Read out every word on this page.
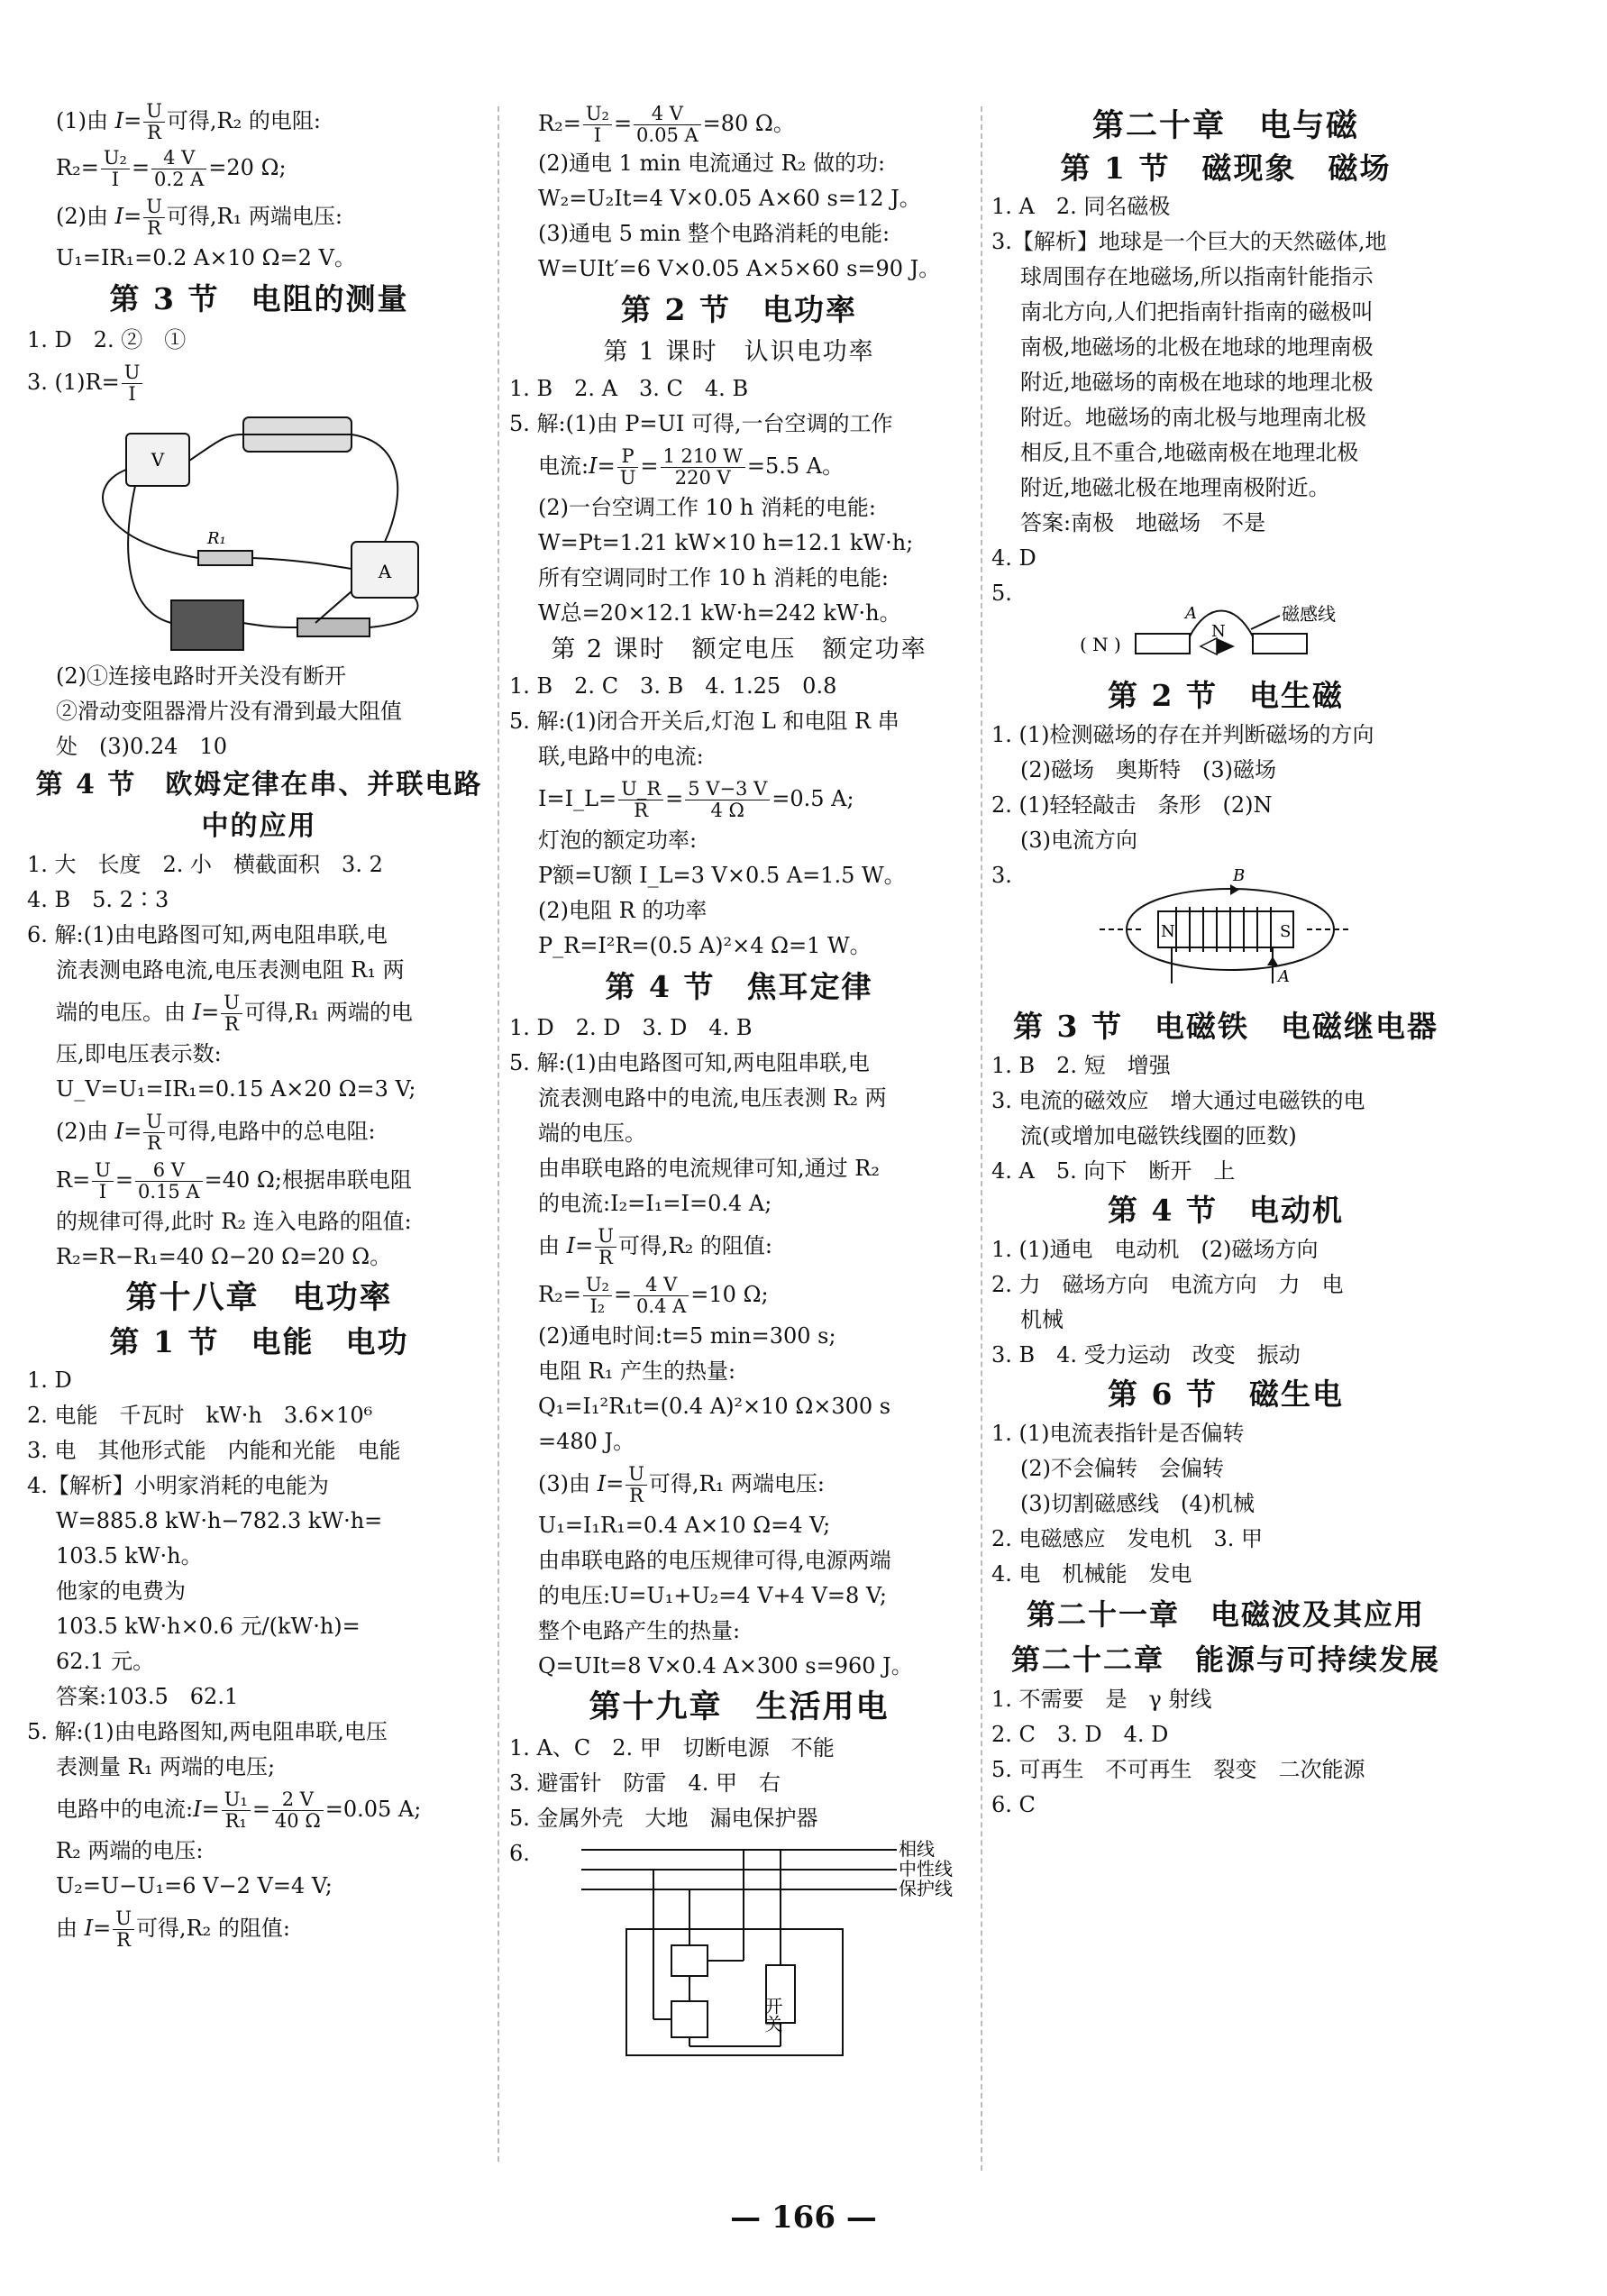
(1)由 $I= \frac{U}{R}$ 可得,R₂ 的电阻:
$R_2= \frac{\text{U₂}}{I} = \frac{4 V}{0.2 A} =20$ Ω;
(2)由 $I= \frac{U}{R}$ 可得,R₁ 两端电压:
U₁=IR₁=0.2 A×10 Ω=2 V。
第 3 节　电阻的测量
1. D　2. ②　①
3. $(1)R= \frac{U}{I}$
V
A
R₁
(2)①连接电路时开关没有断开
②滑动变阻器滑片没有滑到最大阻值
处　(3)0.24　10
第 4 节　欧姆定律在串、并联电路
中的应用
1. 大　长度　2. 小　横截面积　3. 2
4. B　5. 2∶3
6. 解:(1)由电路图可知,两电阻串联,电
流表测电路电流,电压表测电阻 R₁ 两
端的电压。由 $I= \frac{U}{R}$ 可得,R₁ 两端的电
压,即电压表示数:
U_V=U₁=IR₁=0.15 A×20 Ω=3 V;
(2)由 $I= \frac{U}{R}$ 可得,电路中的总电阻:
$R= \frac{U}{I} = \frac{6 V}{0.15 A} =40$ Ω;根据串联电阻
的规律可得,此时 R₂ 连入电路的阻值:
R₂=R−R₁=40 Ω−20 Ω=20 Ω。
第十八章　电功率
第 1 节　电能　电功
1. D
2. 电能　千瓦时　kW·h　3.6×10⁶
3. 电　其他形式能　内能和光能　电能
4.【解析】小明家消耗的电能为
W=885.8 kW·h−782.3 kW·h=
103.5 kW·h。
他家的电费为
103.5 kW·h×0.6 元/(kW·h)=
62.1 元。
答案:103.5　62.1
5. 解:(1)由电路图知,两电阻串联,电压
表测量 R₁ 两端的电压;
电路中的电流:I= $\frac{\text{U₁}}{\text{R₁}} = \frac{2 V}{40 \Omega} =0.05$ A;
R₂ 两端的电压:
U₂=U−U₁=6 V−2 V=4 V;
由 $I= \frac{U}{R}$ 可得,R₂ 的阻值:
$R_2= \frac{\text{U₂}}{I} = \frac{4 V}{0.05 A} =80$ Ω。
(2)通电 1 min 电流通过 R₂ 做的功:
W₂=U₂It=4 V×0.05 A×60 s=12 J。
(3)通电 5 min 整个电路消耗的电能:
W=UIt′=6 V×0.05 A×5×60 s=90 J。
第 2 节　电功率
第 1 课时　认识电功率
1. B　2. A　3. C　4. B
5. 解:(1)由 P=UI 可得,一台空调的工作
电流:I= $\frac{P}{U} = \frac{1 210 W}{220 V} =5.5$ A。
(2)一台空调工作 10 h 消耗的电能:
W=Pt=1.21 kW×10 h=12.1 kW·h;
所有空调同时工作 10 h 消耗的电能:
W总=20×12.1 kW·h=242 kW·h。
第 2 课时　额定电压　额定功率
1. B　2. C　3. B　4. 1.25　0.8
5. 解:(1)闭合开关后,灯泡 L 和电阻 R 串
联,电路中的电流:
I=I_L= $\frac{U\_R}{R} = \frac{5 V-3 V}{4 \Omega} =0.5$ A;
灯泡的额定功率:
P额=U额 I_L=3 V×0.5 A=1.5 W。
(2)电阻 R 的功率
P_R=I²R=(0.5 A)²×4 Ω=1 W。
第 4 节　焦耳定律
1. D　2. D　3. D　4. B
5. 解:(1)由电路图可知,两电阻串联,电
流表测电路中的电流,电压表测 R₂ 两
端的电压。
由串联电路的电流规律可知,通过 R₂
的电流:I₂=I₁=I=0.4 A;
由 $I= \frac{U}{R}$ 可得,R₂ 的阻值:
$R_2= \frac{\text{U₂}}{\text{I₂}} = \frac{4 V}{0.4 A} =10$ Ω;
(2)通电时间:t=5 min=300 s;
电阻 R₁ 产生的热量:
Q₁=I₁²R₁t=(0.4 A)²×10 Ω×300 s
=480 J。
(3)由 $I= \frac{U}{R}$ 可得,R₁ 两端电压:
U₁=I₁R₁=0.4 A×10 Ω=4 V;
由串联电路的电压规律可得,电源两端
的电压:U=U₁+U₂=4 V+4 V=8 V;
整个电路产生的热量:
Q=UIt=8 V×0.4 A×300 s=960 J。
第十九章　生活用电
1. A、C　2. 甲　切断电源　不能
3. 避雷针　防雷　4. 甲　右
5. 金属外壳　大地　漏电保护器
6.	相线
中性线
保护线
开关
第二十章　电与磁
第 1 节　磁现象　磁场
1. A　2. 同名磁极
3.【解析】地球是一个巨大的天然磁体,地
球周围存在地磁场,所以指南针能指示
南北方向,人们把指南针指南的磁极叫
南极,地磁场的北极在地球的地理南极
附近,地磁场的南极在地球的地理北极
附近。地磁场的南北极与地理南北极
相反,且不重合,地磁南极在地理北极
附近,地磁北极在地理南极附近。
答案:南极　地磁场　不是
4. D
5.
A
N
磁感线
( N )
第 2 节　电生磁
1. (1)检测磁场的存在并判断磁场的方向
(2)磁场　奥斯特　(3)磁场
2. (1)轻轻敲击　条形　(2)N
(3)电流方向
3.	B
N	S
A
第 3 节　电磁铁　电磁继电器
1. B　2. 短　增强
3. 电流的磁效应　增大通过电磁铁的电
流(或增加电磁铁线圈的匝数)
4. A　5. 向下　断开　上
第 4 节　电动机
1. (1)通电　电动机　(2)磁场方向
2. 力　磁场方向　电流方向　力　电
机械
3. B　4. 受力运动　改变　振动
第 6 节　磁生电
1. (1)电流表指针是否偏转
(2)不会偏转　会偏转
(3)切割磁感线　(4)机械
2. 电磁感应　发电机　3. 甲
4. 电　机械能　发电
第二十一章　电磁波及其应用
第二十二章　能源与可持续发展
1. 不需要　是　γ 射线
2. C　3. D　4. D
5. 可再生　不可再生　裂变　二次能源
6. C
— 166 —
